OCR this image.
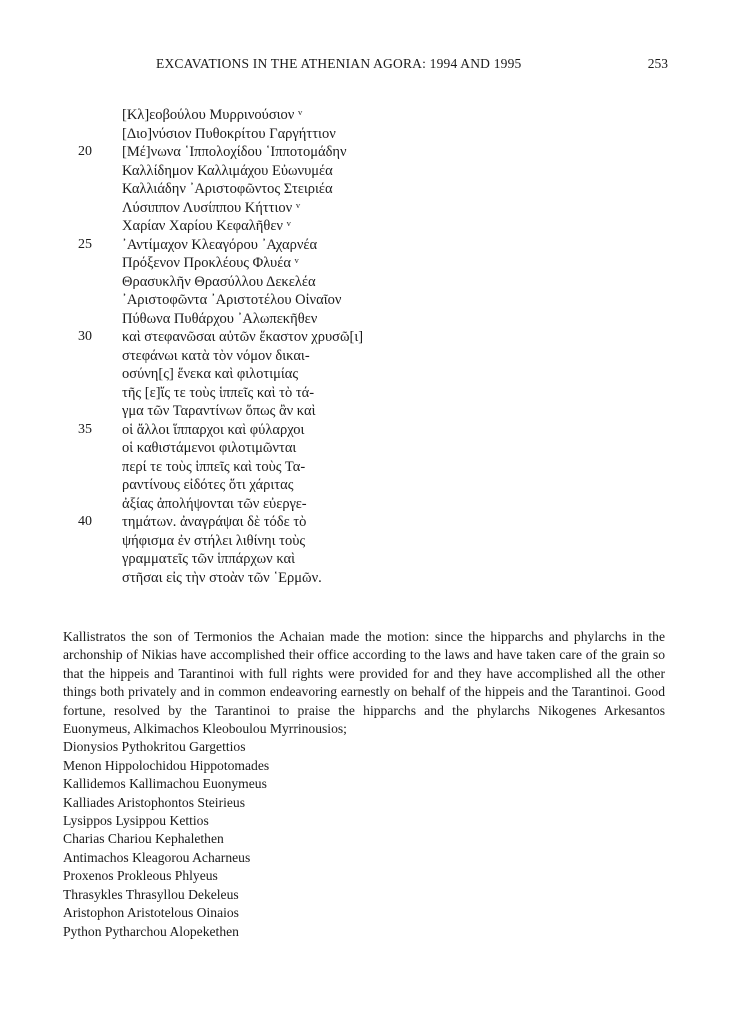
EXCAVATIONS IN THE ATHENIAN AGORA: 1994 AND 1995	253
[Κλ]εοβούλου Μυρρινούσιον ᵛ
[Διο]νύσιον Πυθοκρίτου Γαργήττιον
20	[Μέ]νωνα ῾Ιππολοχίδου ῾Ιπποτομάδην
Καλλίδημον Καλλιμάχου Εὐωνυμέα
Καλλιάδην ᾿Αριστοφῶντος Στειριέα
Λύσιππον Λυσίππου Κήττιον ᵛ
Χαρίαν Χαρίου Κεφαλῆθεν ᵛ
25	᾿Αντίμαχον Κλεαγόρου ᾿Αχαρνέα
Πρόξενον Προκλέους Φλυέα ᵛ
Θρασυκλῆν Θρασύλλου Δεκελέα
᾿Αριστοφῶντα ᾿Αριστοτέλου Οἰναῖον
Πύθωνα Πυθάρχου ᾿Αλωπεκῆθεν
30	καὶ στεφανῶσαι αὐτῶν ἕκαστον χρυσῶ[ι]
στεφάνωι κατὰ τὸν νόμον δικαι-
οσύνη[ς] ἕνεκα καὶ φιλοτιμίας
τῆς [ε]ἴς τε τοὺς ἱππεῖς καὶ τὸ τά-
γμα τῶν Ταραντίνων ὅπως ἂν καὶ
35	οἱ ἄλλοι ἵππαρχοι καὶ φύλαρχοι
οἱ καθιστάμενοι φιλοτιμῶνται
περί τε τοὺς ἱππεῖς καὶ τοὺς Τα-
ραντίνους εἰδότες ὅτι χάριτας
ἀξίας ἀπολήψονται τῶν εὐεργε-
40	τημάτων. ἀναγράψαι δὲ τόδε τὸ
ψήφισμα ἐν στήλει λιθίνηι τοὺς
γραμματεῖς τῶν ἱππάρχων καὶ
στῆσαι εἰς τὴν στοὰν τῶν ῾Ερμῶν.
Kallistratos the son of Termonios the Achaian made the motion: since the hipparchs and phylarchs in the archonship of Nikias have accomplished their office according to the laws and have taken care of the grain so that the hippeis and Tarantinoi with full rights were provided for and they have accomplished all the other things both privately and in common endeavoring earnestly on behalf of the hippeis and the Tarantinoi. Good fortune, resolved by the Tarantinoi to praise the hipparchs and the phylarchs Nikogenes Arkesantos Euonymeus, Alkimachos Kleoboulou Myrrinousios;
Dionysios Pythokritou Gargettios
Menon Hippolochidou Hippotomades
Kallidemos Kallimachou Euonymeus
Kalliades Aristophontos Steirieus
Lysippos Lysippou Kettios
Charias Chariou Kephalethen
Antimachos Kleagorou Acharneus
Proxenos Prokleous Phlyeus
Thrasykles Thrasyllou Dekeleus
Aristophon Aristotelous Oinaios
Python Pytharchou Alopekethen
